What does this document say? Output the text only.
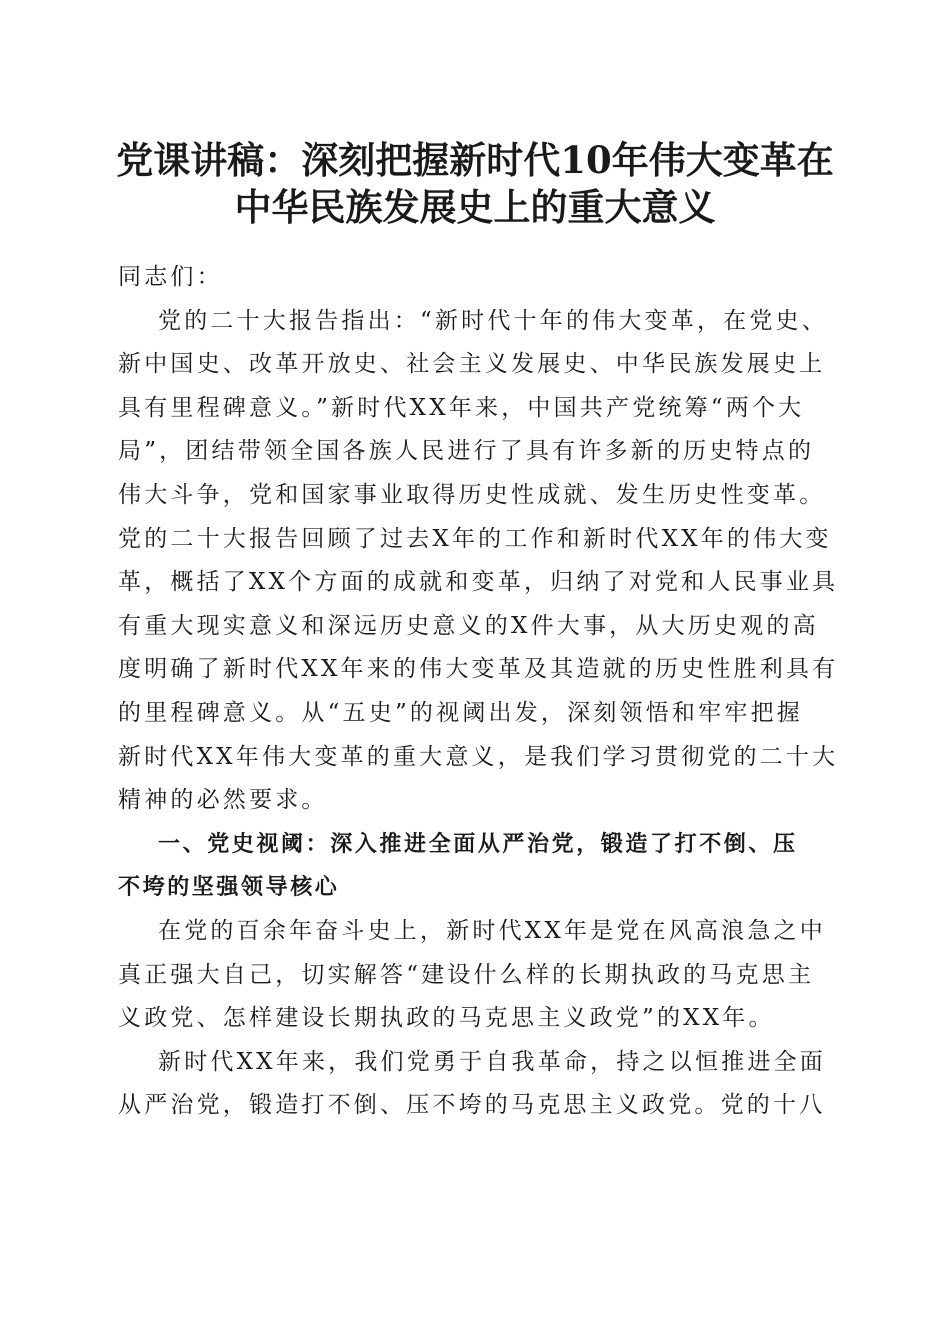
党课讲稿：深刻把握新时代10年伟大变革在
中华民族发展史上的重大意义
同志们：
党的二十大报告指出：“新时代十年的伟大变革，在党史、
新中国史、改革开放史、社会主义发展史、中华民族发展史上
具有里程碑意义。”新时代XX年来，中国共产党统筹“两个大
局”，团结带领全国各族人民进行了具有许多新的历史特点的
伟大斗争，党和国家事业取得历史性成就、发生历史性变革。
党的二十大报告回顾了过去X年的工作和新时代XX年的伟大变
革，概括了XX个方面的成就和变革，归纳了对党和人民事业具
有重大现实意义和深远历史意义的X件大事，从大历史观的高
度明确了新时代XX年来的伟大变革及其造就的历史性胜利具有
的里程碑意义。从“五史”的视阈出发，深刻领悟和牢牢把握
新时代XX年伟大变革的重大意义，是我们学习贯彻党的二十大
精神的必然要求。
一、党史视阈：深入推进全面从严治党，锻造了打不倒、压
不垮的坚强领导核心
在党的百余年奋斗史上，新时代XX年是党在风高浪急之中
真正强大自己，切实解答“建设什么样的长期执政的马克思主
义政党、怎样建设长期执政的马克思主义政党”的XX年。
新时代XX年来，我们党勇于自我革命，持之以恒推进全面
从严治党，锻造打不倒、压不垮的马克思主义政党。党的十八
